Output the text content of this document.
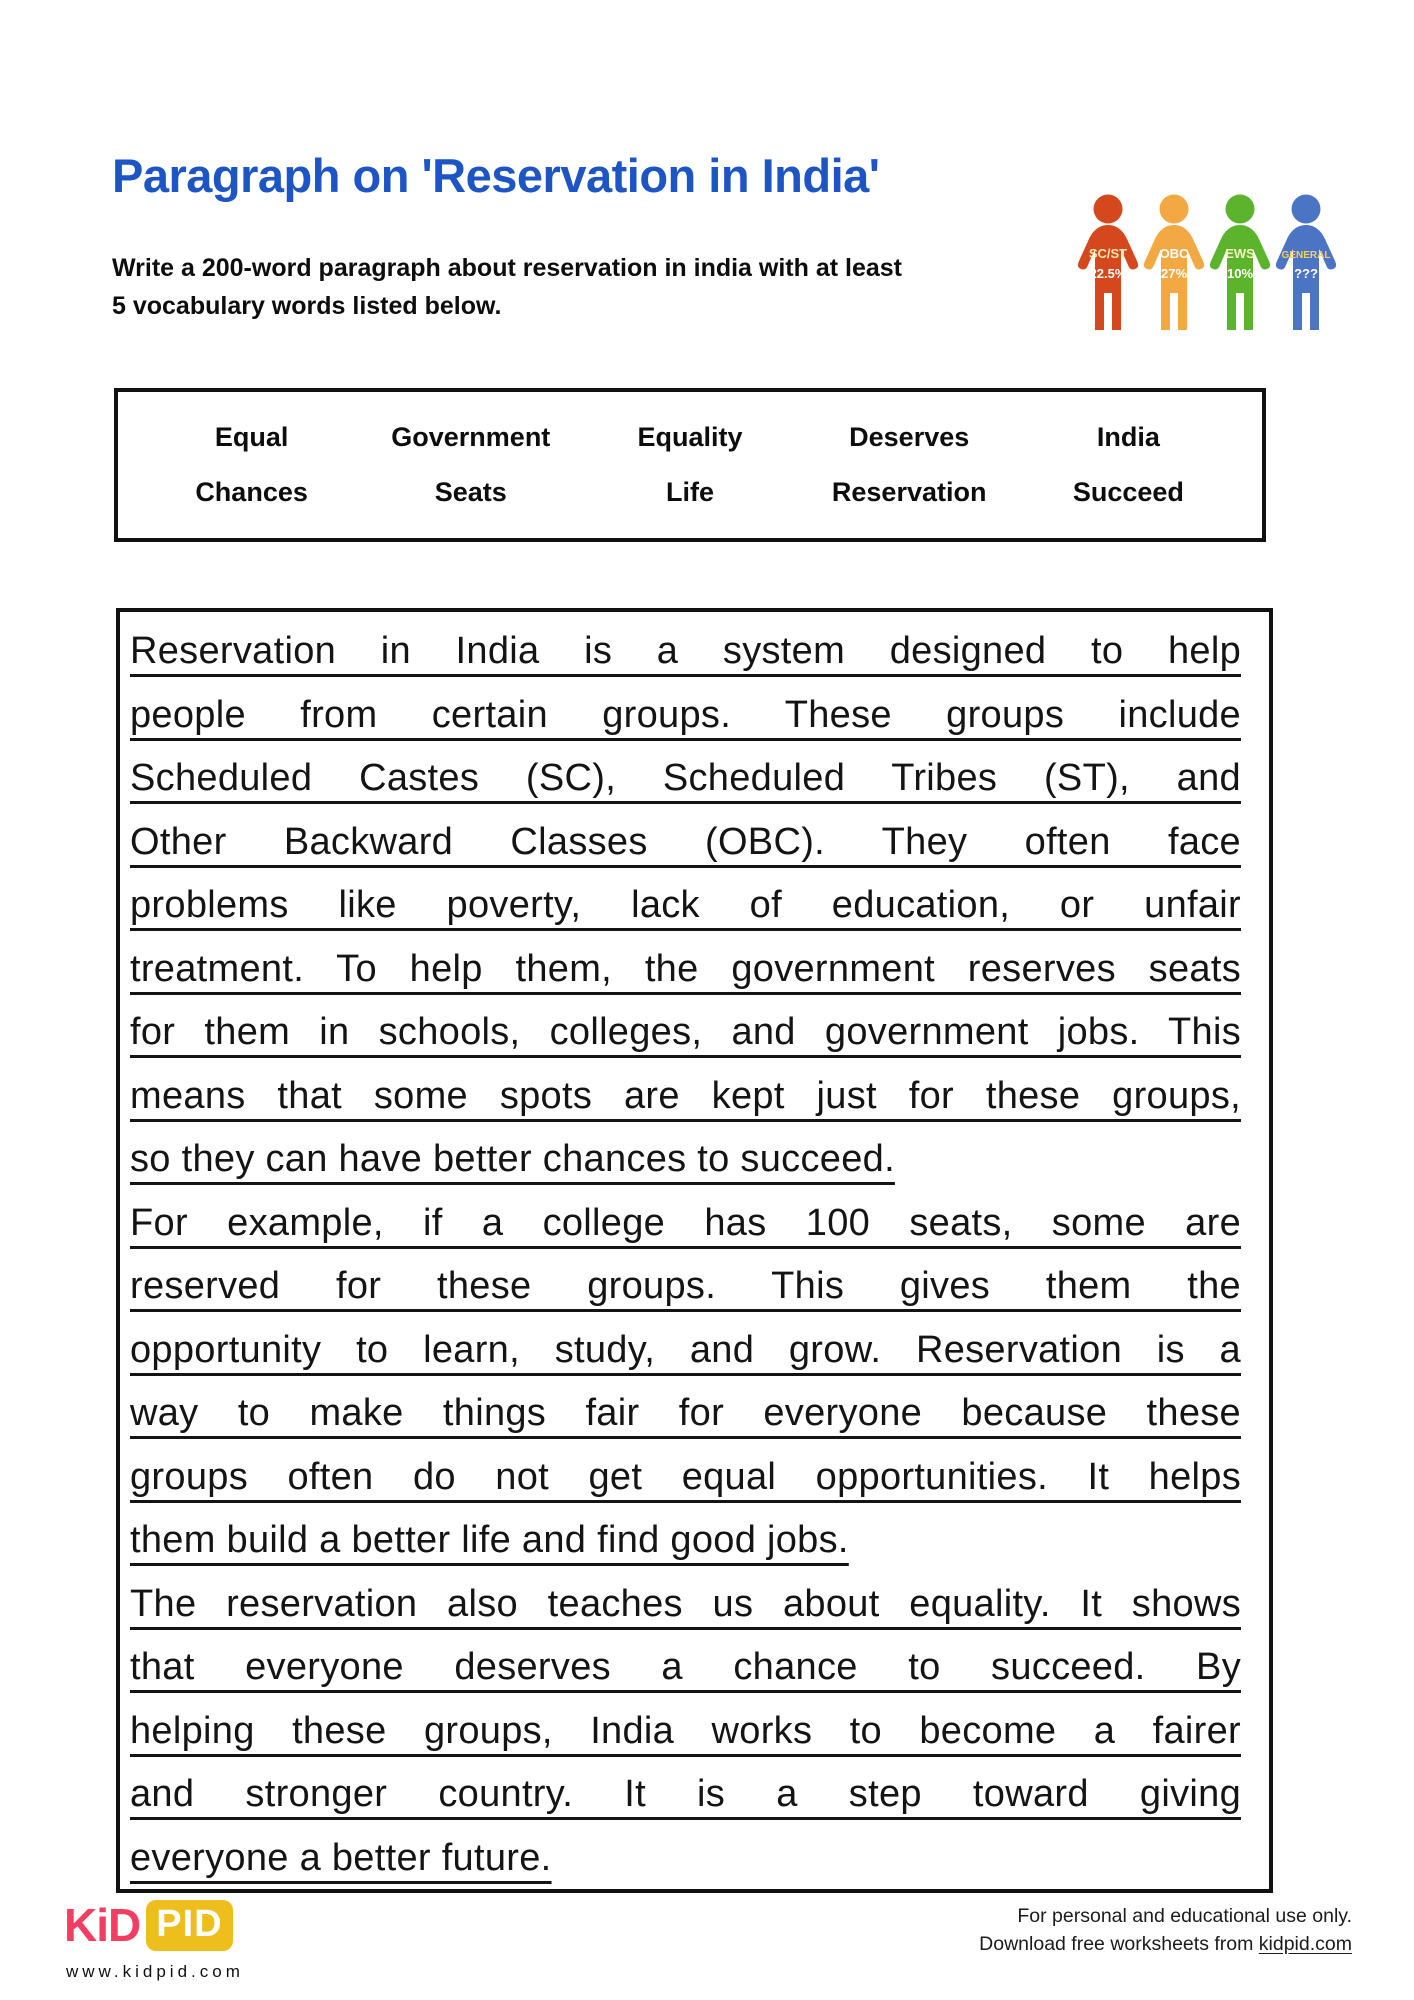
Paragraph on 'Reservation in India'
Write a 200-word paragraph about reservation in india with at least
5 vocabulary words listed below.
SC/ST
22.5%
OBC
27%
EWS
10%
GENERAL
???
Equal	Government	Equality	Deserves	India
Chances	Seats	Life	Reservation	Succeed
Reservation in India is a system designed to help
people from certain groups. These groups include
Scheduled Castes (SC), Scheduled Tribes (ST), and
Other Backward Classes (OBC). They often face
problems like poverty, lack of education, or unfair
treatment. To help them, the government reserves seats
for them in schools, colleges, and government jobs. This
means that some spots are kept just for these groups,
so they can have better chances to succeed.
For example, if a college has 100 seats, some are
reserved for these groups. This gives them the
opportunity to learn, study, and grow. Reservation is a
way to make things fair for everyone because these
groups often do not get equal opportunities. It helps
them build a better life and find good jobs.
The reservation also teaches us about equality. It shows
that everyone deserves a chance to succeed. By
helping these groups, India works to become a fairer
and stronger country. It is a step toward giving
everyone a better future.
KiD PID
www.kidpid.com
For personal and educational use only.
Download free worksheets from kidpid.com
